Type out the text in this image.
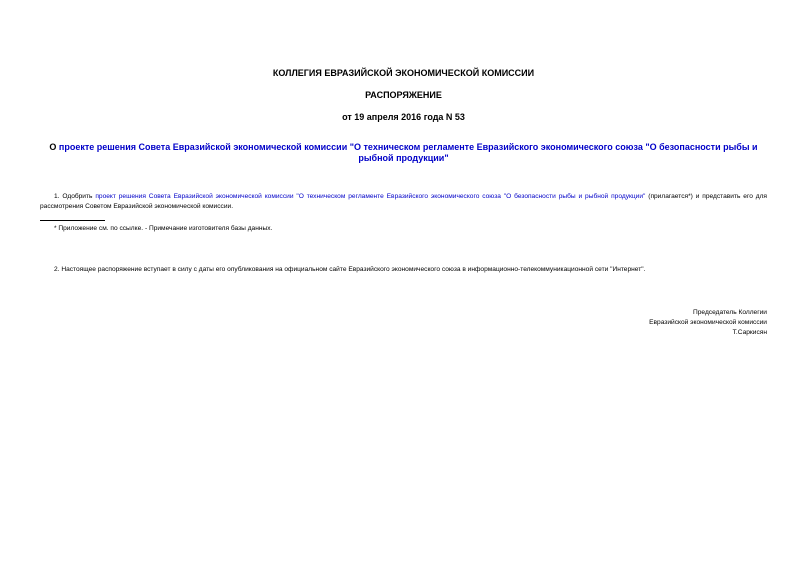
КОЛЛЕГИЯ ЕВРАЗИЙСКОЙ ЭКОНОМИЧЕСКОЙ КОМИССИИ
РАСПОРЯЖЕНИЕ
от 19 апреля 2016 года N 53
О проекте решения Совета Евразийской экономической комиссии "О техническом регламенте Евразийского экономического союза "О безопасности рыбы и рыбной продукции"
1. Одобрить проект решения Совета Евразийской экономической комиссии "О техническом регламенте Евразийского экономического союза "О безопасности рыбы и рыбной продукции" (прилагается*) и представить его для рассмотрения Советом Евразийской экономической комиссии.
* Приложение см. по ссылке. - Примечание изготовителя базы данных.
2. Настоящее распоряжение вступает в силу с даты его опубликования на официальном сайте Евразийского экономического союза в информационно-телекоммуникационной сети "Интернет".
Председатель Коллегии
Евразийской экономической комиссии
Т.Саркисян
